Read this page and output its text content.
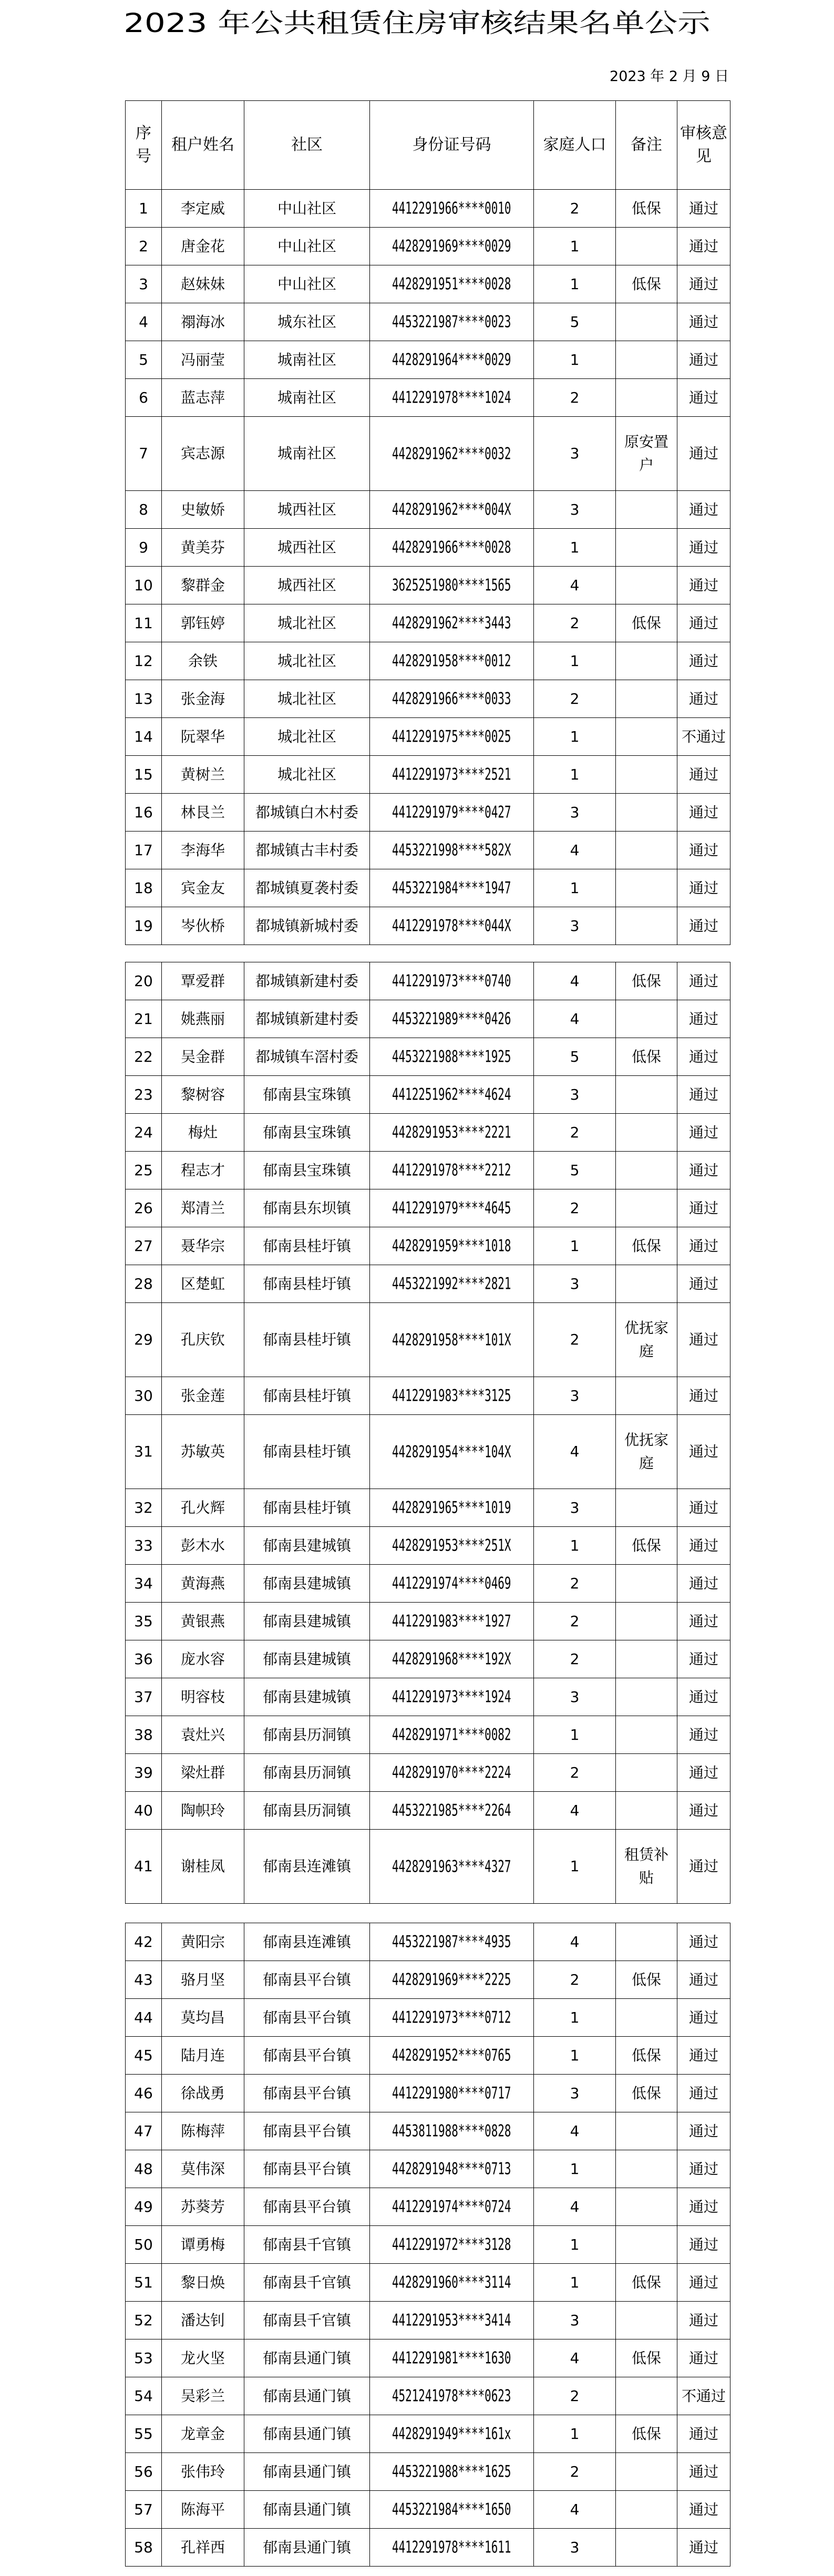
2023 年公共租赁住房审核结果名单公示
2023 年 2 月 9 日
序号	租户姓名	社区	身份证号码	家庭人口	备注	审核意见
1	李定威	中山社区	4412291966****0010	2	低保	通过
2	唐金花	中山社区	4428291969****0029	1		通过
3	赵妹妹	中山社区	4428291951****0028	1	低保	通过
4	禤海冰	城东社区	4453221987****0023	5		通过
5	冯丽莹	城南社区	4428291964****0029	1		通过
6	蓝志萍	城南社区	4412291978****1024	2		通过
7	宾志源	城南社区	4428291962****0032	3	原安置户	通过
8	史敏娇	城西社区	4428291962****004X	3		通过
9	黄美芬	城西社区	4428291966****0028	1		通过
10	黎群金	城西社区	3625251980****1565	4		通过
11	郭钰婷	城北社区	4428291962****3443	2	低保	通过
12	余铁	城北社区	4428291958****0012	1		通过
13	张金海	城北社区	4428291966****0033	2		通过
14	阮翠华	城北社区	4412291975****0025	1		不通过
15	黄树兰	城北社区	4412291973****2521	1		通过
16	林艮兰	都城镇白木村委	4412291979****0427	3		通过
17	李海华	都城镇古丰村委	4453221998****582X	4		通过
18	宾金友	都城镇夏袭村委	4453221984****1947	1		通过
19	岑伙桥	都城镇新城村委	4412291978****044X	3		通过
20	覃爱群	都城镇新建村委	4412291973****0740	4	低保	通过
21	姚燕丽	都城镇新建村委	4453221989****0426	4		通过
22	吴金群	都城镇车滘村委	4453221988****1925	5	低保	通过
23	黎树容	郁南县宝珠镇	4412251962****4624	3		通过
24	梅灶	郁南县宝珠镇	4428291953****2221	2		通过
25	程志才	郁南县宝珠镇	4412291978****2212	5		通过
26	郑清兰	郁南县东坝镇	4412291979****4645	2		通过
27	聂华宗	郁南县桂圩镇	4428291959****1018	1	低保	通过
28	区楚虹	郁南县桂圩镇	4453221992****2821	3		通过
29	孔庆钦	郁南县桂圩镇	4428291958****101X	2	优抚家庭	通过
30	张金莲	郁南县桂圩镇	4412291983****3125	3		通过
31	苏敏英	郁南县桂圩镇	4428291954****104X	4	优抚家庭	通过
32	孔火辉	郁南县桂圩镇	4428291965****1019	3		通过
33	彭木水	郁南县建城镇	4428291953****251X	1	低保	通过
34	黄海燕	郁南县建城镇	4412291974****0469	2		通过
35	黄银燕	郁南县建城镇	4412291983****1927	2		通过
36	庞水容	郁南县建城镇	4428291968****192X	2		通过
37	明容枝	郁南县建城镇	4412291973****1924	3		通过
38	袁灶兴	郁南县历洞镇	4428291971****0082	1		通过
39	梁灶群	郁南县历洞镇	4428291970****2224	2		通过
40	陶帜玲	郁南县历洞镇	4453221985****2264	4		通过
41	谢桂凤	郁南县连滩镇	4428291963****4327	1	租赁补贴	通过
42	黄阳宗	郁南县连滩镇	4453221987****4935	4		通过
43	骆月坚	郁南县平台镇	4428291969****2225	2	低保	通过
44	莫均昌	郁南县平台镇	4412291973****0712	1		通过
45	陆月连	郁南县平台镇	4428291952****0765	1	低保	通过
46	徐战勇	郁南县平台镇	4412291980****0717	3	低保	通过
47	陈梅萍	郁南县平台镇	4453811988****0828	4		通过
48	莫伟深	郁南县平台镇	4428291948****0713	1		通过
49	苏葵芳	郁南县平台镇	4412291974****0724	4		通过
50	谭勇梅	郁南县千官镇	4412291972****3128	1		通过
51	黎日焕	郁南县千官镇	4428291960****3114	1	低保	通过
52	潘达钊	郁南县千官镇	4412291953****3414	3		通过
53	龙火坚	郁南县通门镇	4412291981****1630	4	低保	通过
54	吴彩兰	郁南县通门镇	4521241978****0623	2		不通过
55	龙章金	郁南县通门镇	4428291949****161x	1	低保	通过
56	张伟玲	郁南县通门镇	4453221988****1625	2		通过
57	陈海平	郁南县通门镇	4453221984****1650	4		通过
58	孔祥西	郁南县通门镇	4412291978****1611	3		通过
